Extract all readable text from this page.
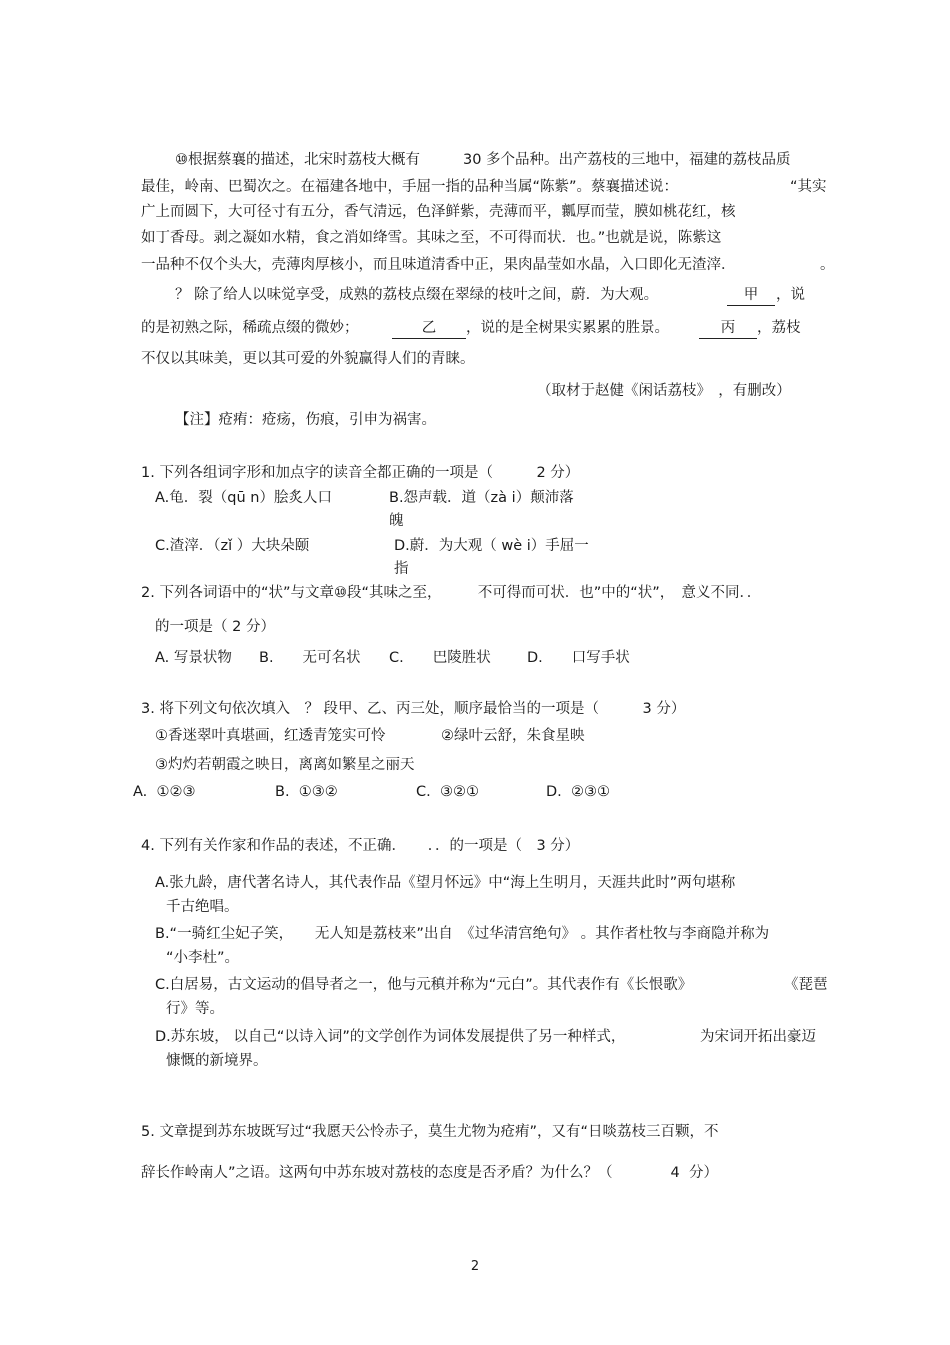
⑩根据蔡襄的描述，北宋时荔枝大概有	30 多个品种。出产荔枝的三地中，福建的荔枝品质
最佳，岭南、巴蜀次之。在福建各地中，手屈一指的品种当属“陈紫”。蔡襄描述说：	“其实
广上而圆下，大可径寸有五分，香气清远，色泽鲜紫，壳薄而平，瓤厚而莹，膜如桃花红，核
如丁香母。剥之凝如水精，食之消如绛雪。其味之至，不可得而状．也。”也就是说，陈紫这
一品种不仅个头大，壳薄肉厚核小，而且味道清香中正，果肉晶莹如水晶，入口即化无渣滓．	。
？ 除了给人以味觉享受，成熟的荔枝点缀在翠绿的枝叶之间，蔚．为大观。	甲	，说
的是初熟之际，稀疏点缀的微妙；	乙	，说的是全树果实累累的胜景。	丙	，荔枝
不仅以其味美，更以其可爱的外貌赢得人们的青睐。
（取材于赵健《闲话荔枝》　，有删改）
【注】疮痏：疮疡，伤痕，引申为祸害。
1. 下列各组词字形和加点字的读音全都正确的一项是（　　　2 分）
A.龟．裂（qū n）脍炙人口	B.怨声载．道（zà i）颠沛落
魄
C.渣滓．（zǐ ）大块朵颐	D.蔚．为大观（ wè i）手屈一
指
2. 下列各词语中的“状”与文章⑩段“其味之至，　　　不可得而可状．也”中的“状”，　意义不同．．
的一项是（ 2 分）
A. 写景状物 B.　　无可名状 C.　　巴陵胜状	D.　　口写手状
3. 将下列文句依次填入　？ 段甲、乙、丙三处，顺序最恰当的一项是（　　　3 分）
①香迷翠叶真堪画，红透青笼实可怜	②绿叶云舒，朱食星映
③灼灼若朝霞之映日，离离如繁星之丽天
A.  ①②③	B.  ①③②	C.  ③②①	D.  ②③①
4. 下列有关作家和作品的表述，不正确．　　．．的一项是（　3 分）
A.张九龄，唐代著名诗人，其代表作品《望月怀远》中“海上生明月，天涯共此时”两句堪称
千古绝唱。
B.“一骑红尘妃子笑，　　无人知是荔枝来”出自　《过华清宫绝句》 。其作者杜牧与李商隐并称为
“小李杜”。
C.白居易，古文运动的倡导者之一，他与元稹并称为“元白”。其代表作有《长恨歌》	《琵琶
行》等。
D.苏东坡， 以自己“以诗入词”的文学创作为词体发展提供了另一种样式，	为宋词开拓出豪迈
慷慨的新境界。
5. 文章提到苏东坡既写过“我愿天公怜赤子，莫生尤物为疮痏”，又有“日啖荔枝三百颗，不
辞长作岭南人”之语。这两句中苏东坡对荔枝的态度是否矛盾？为什么？（　　　　4  分）
2
